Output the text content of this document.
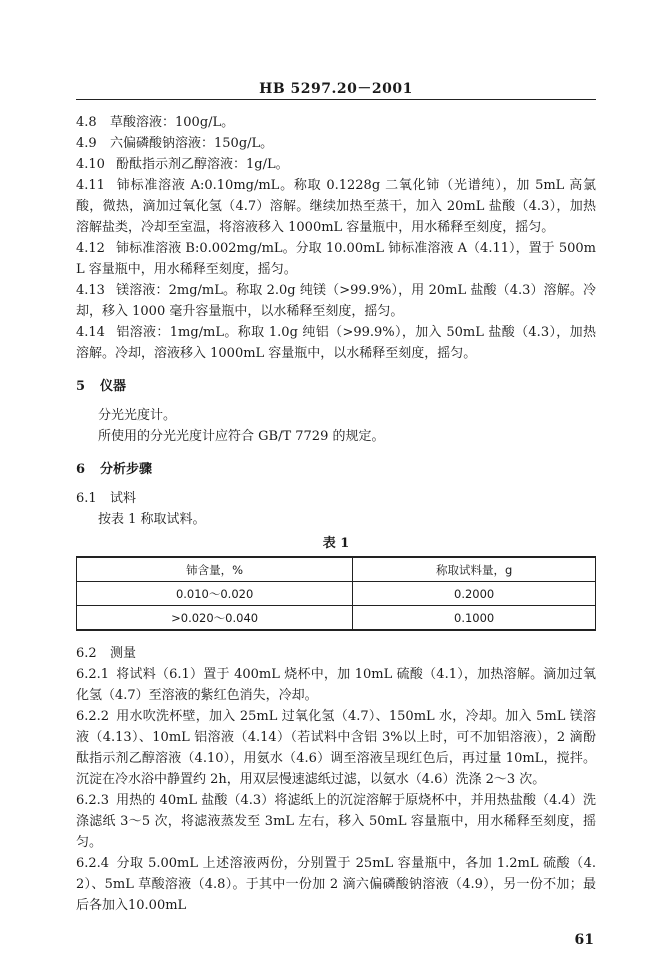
HB 5297.20－2001

4.8 草酸溶液：100g/L。

4.9 六偏磷酸钠溶液：150g/L。

4.10 酚酞指示剂乙醇溶液：1g/L。

4.11 铈标准溶液 A:0.10mg/mL。称取 0.1228g 二氧化铈（光谱纯），加 5mL 高氯酸，微热，滴加过氧化氢（4.7）溶解。继续加热至蒸干，加入 20mL 盐酸（4.3），加热溶解盐类，冷却至室温，将溶液移入 1000mL 容量瓶中，用水稀释至刻度，摇匀。

4.12 铈标准溶液 B:0.002mg/mL。分取 10.00mL 铈标准溶液 A（4.11），置于 500mL 容量瓶中，用水稀释至刻度，摇匀。

4.13 镁溶液：2mg/mL。称取 2.0g 纯镁（>99.9%），用 20mL 盐酸（4.3）溶解。冷却，移入 1000 毫升容量瓶中，以水稀释至刻度，摇匀。

4.14 铝溶液：1mg/mL。称取 1.0g 纯铝（>99.9%），加入 50mL 盐酸（4.3），加热溶解。冷却，溶液移入 1000mL 容量瓶中，以水稀释至刻度，摇匀。

5 仪器

分光光度计。

所使用的分光光度计应符合 GB/T 7729 的规定。

6 分析步骤

6.1 试料

按表 1 称取试料。

表 1

铈含量，%	称取试料量，g
0.010～0.020	0.2000
>0.020～0.040	0.1000

6.2 测量

6.2.1 将试料（6.1）置于 400mL 烧杯中，加 10mL 硫酸（4.1），加热溶解。滴加过氧化氢（4.7）至溶液的紫红色消失，冷却。

6.2.2 用水吹洗杯壁，加入 25mL 过氧化氢（4.7）、150mL 水，冷却。加入 5mL 镁溶液（4.13）、10mL 铝溶液（4.14）（若试料中含铝 3%以上时，可不加铝溶液），2 滴酚酞指示剂乙醇溶液（4.10），用氨水（4.6）调至溶液呈现红色后，再过量 10mL，搅拌。沉淀在冷水浴中静置约 2h，用双层慢速滤纸过滤，以氨水（4.6）洗涤 2～3 次。

6.2.3 用热的 40mL 盐酸（4.3）将滤纸上的沉淀溶解于原烧杯中，并用热盐酸（4.4）洗涤滤纸 3～5 次，将滤液蒸发至 3mL 左右，移入 50mL 容量瓶中，用水稀释至刻度，摇匀。

6.2.4 分取 5.00mL 上述溶液两份，分别置于 25mL 容量瓶中，各加 1.2mL 硫酸（4.2）、5mL 草酸溶液（4.8）。于其中一份加 2 滴六偏磷酸钠溶液（4.9），另一份不加；最后各加入10.00mL

61
